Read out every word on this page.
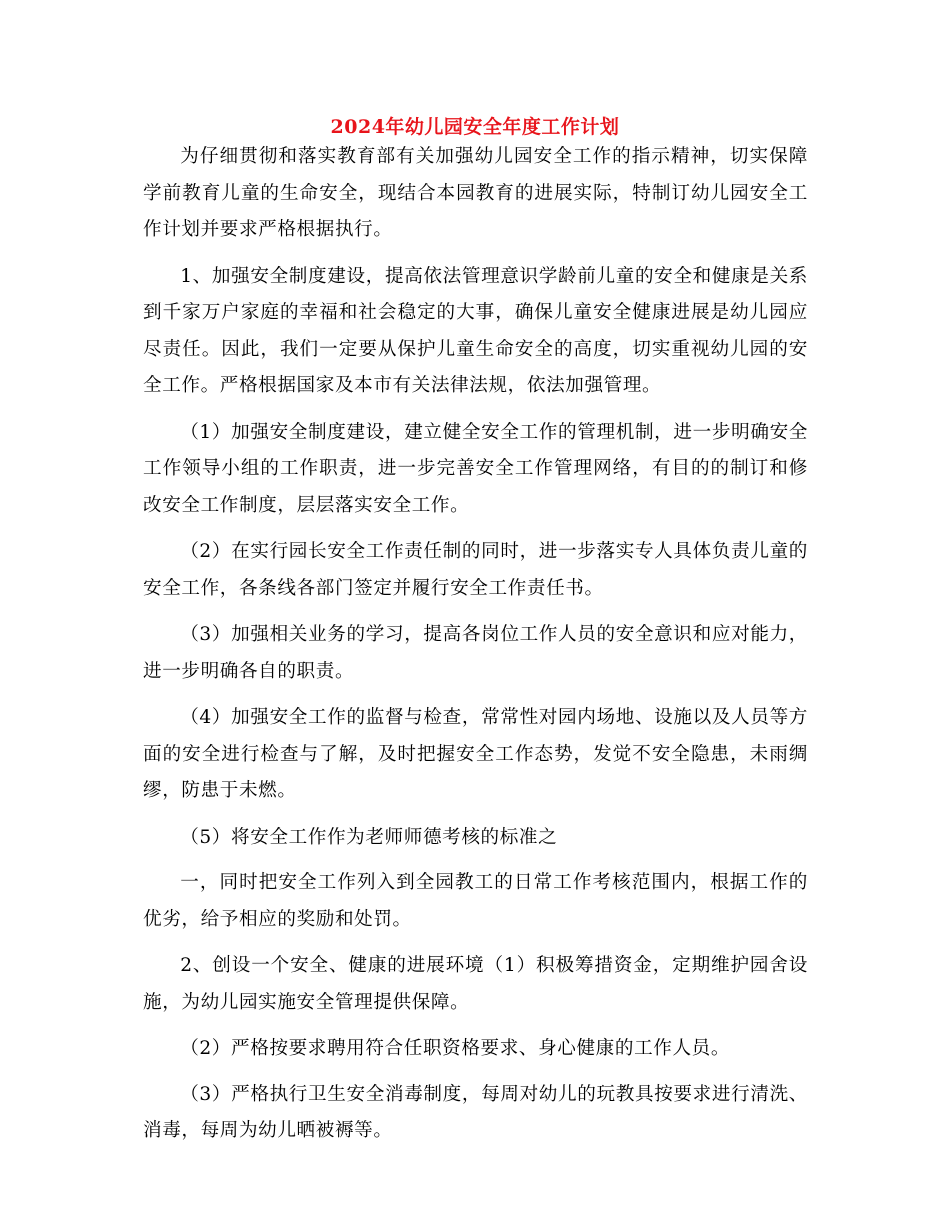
2024年幼儿园安全年度工作计划

为仔细贯彻和落实教育部有关加强幼儿园安全工作的指示精神，切实保障学前教育儿童的生命安全，现结合本园教育的进展实际，特制订幼儿园安全工作计划并要求严格根据执行。

1、加强安全制度建设，提高依法管理意识学龄前儿童的安全和健康是关系到千家万户家庭的幸福和社会稳定的大事，确保儿童安全健康进展是幼儿园应尽责任。因此，我们一定要从保护儿童生命安全的高度，切实重视幼儿园的安全工作。严格根据国家及本市有关法律法规，依法加强管理。

（1）加强安全制度建设，建立健全安全工作的管理机制，进一步明确安全工作领导小组的工作职责，进一步完善安全工作管理网络，有目的的制订和修改安全工作制度，层层落实安全工作。

（2）在实行园长安全工作责任制的同时，进一步落实专人具体负责儿童的安全工作，各条线各部门签定并履行安全工作责任书。

（3）加强相关业务的学习，提高各岗位工作人员的安全意识和应对能力，进一步明确各自的职责。

（4）加强安全工作的监督与检查，常常性对园内场地、设施以及人员等方面的安全进行检查与了解，及时把握安全工作态势，发觉不安全隐患，未雨绸缪，防患于未燃。

（5）将安全工作作为老师师德考核的标准之

一，同时把安全工作列入到全园教工的日常工作考核范围内，根据工作的优劣，给予相应的奖励和处罚。

2、创设一个安全、健康的进展环境（1）积极筹措资金，定期维护园舍设施，为幼儿园实施安全管理提供保障。

（2）严格按要求聘用符合任职资格要求、身心健康的工作人员。

（3）严格执行卫生安全消毒制度，每周对幼儿的玩教具按要求进行清洗、消毒，每周为幼儿晒被褥等。
